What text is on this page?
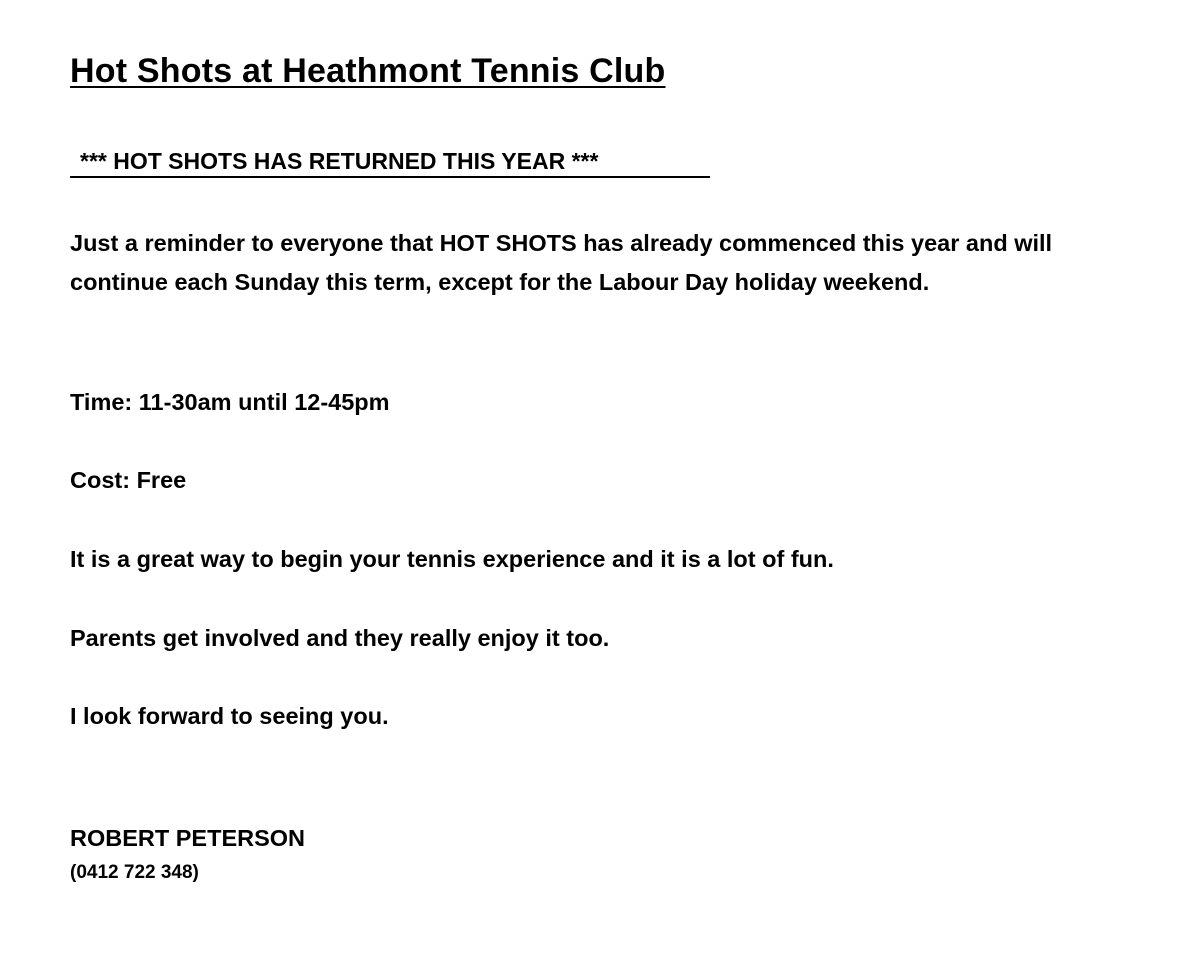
Hot Shots at Heathmont Tennis Club
*** HOT SHOTS HAS RETURNED THIS YEAR ***

Just a reminder to everyone that HOT SHOTS has already commenced this year and will continue each Sunday this term, except for the Labour Day holiday weekend.

Time: 11-30am until 12-45pm

Cost: Free

It is a great way to begin your tennis experience and it is a lot of fun.

Parents get involved and they really enjoy it too.

I look forward to seeing you.

ROBERT PETERSON
(0412 722 348)
